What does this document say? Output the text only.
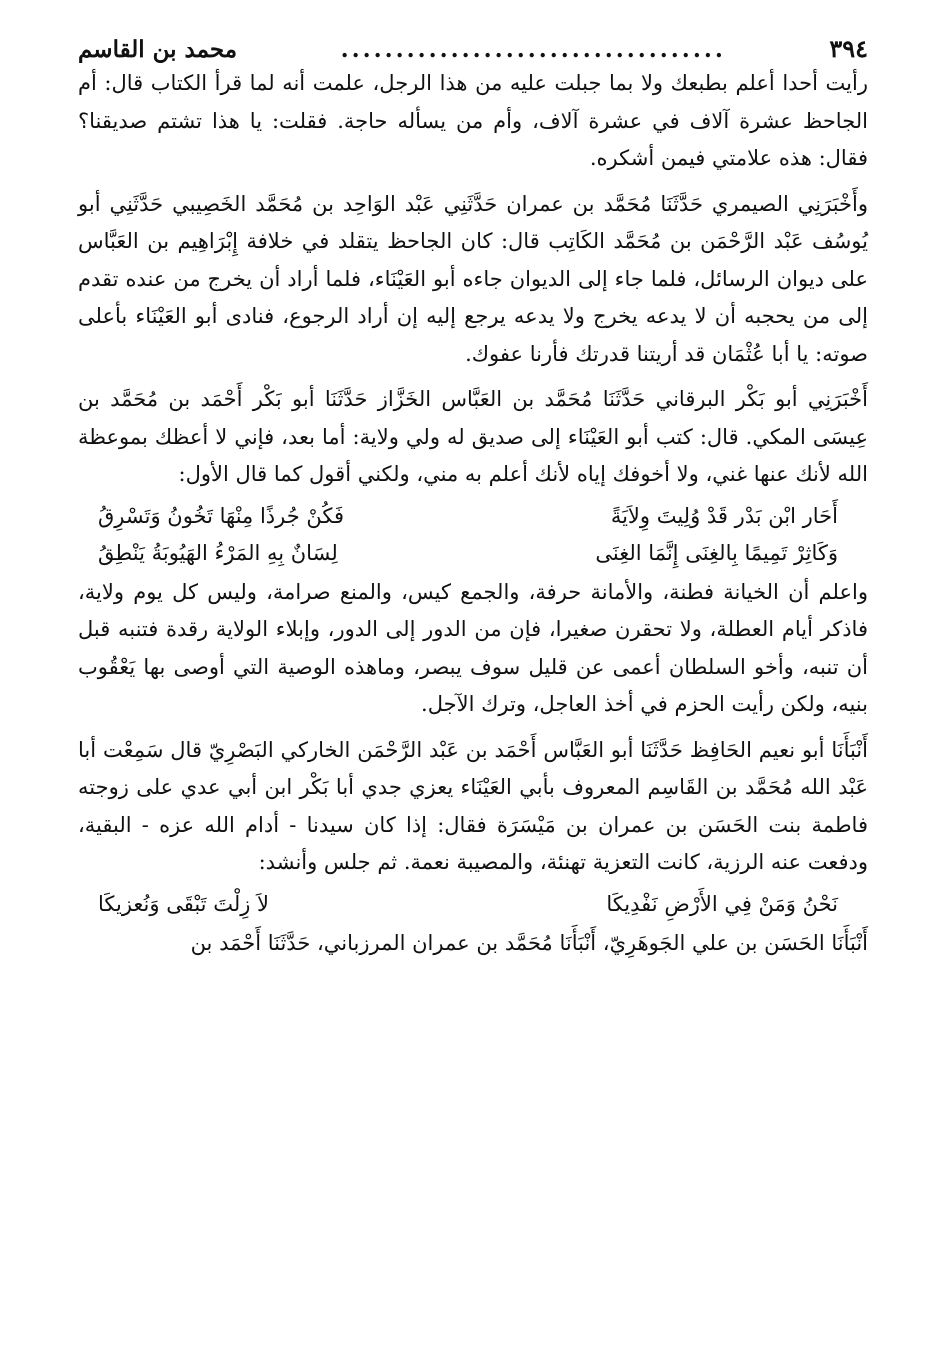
٣٩٤
...................................
محمد بن القاسم

رأيت أحدا أعلم بطبعك ولا بما جبلت عليه من هذا الرجل، علمت أنه لما قرأ الكتاب قال: أم الجاحظ عشرة آلاف في عشرة آلاف، وأم من يسأله حاجة. فقلت: يا هذا تشتم صديقنا؟ فقال: هذه علامتي فيمن أشكره.

وأَخْبَرَنِي الصيمري حَدَّثَنَا مُحَمَّد بن عمران حَدَّثَنِي عَبْد الوَاحِد بن مُحَمَّد الخَصِيبي حَدَّثَنِي أبو يُوسُف عَبْد الرَّحْمَن بن مُحَمَّد الكَاتِب قال: كان الجاحظ يتقلد في خلافة إِبْرَاهِيم بن العَبَّاس على ديوان الرسائل، فلما جاء إلى الديوان جاءه أبو العَيْنَاء، فلما أراد أن يخرج من عنده تقدم إلى من يحجبه أن لا يدعه يخرج ولا يدعه يرجع إليه إن أراد الرجوع، فنادى أبو العَيْنَاء بأعلى صوته: يا أبا عُثْمَان قد أريتنا قدرتك فأرنا عفوك.

أَخْبَرَنِي أبو بَكْر البرقاني حَدَّثَنَا مُحَمَّد بن العَبَّاس الخَزَّاز حَدَّثَنَا أبو بَكْر أَحْمَد بن مُحَمَّد بن عِيسَى المكي. قال: كتب أبو العَيْنَاء إلى صديق له ولي ولاية: أما بعد، فإني لا أعظك بموعظة الله لأنك عنها غني، ولا أخوفك إياه لأنك أعلم به مني، ولكني أقول كما قال الأول:

أَحَار ابْن بَدْر قَدْ وُلِيتَ وِلاَيَةً
فَكُنْ جُرذًا مِنْهَا تَخُونُ وَتَسْرِقُ
وَكَاثِرْ تَمِيمًا بِالغِنَى إِنَّمَا الغِنَى
لِسَانٌ بِهِ المَرْءُ الهَيُوبَةُ يَنْطِقُ

واعلم أن الخيانة فطنة، والأمانة حرفة، والجمع كيس، والمنع صرامة، وليس كل يوم ولاية، فاذكر أيام العطلة، ولا تحقرن صغيرا، فإن من الدور إلى الدور، وإبلاء الولاية رقدة فتنبه قبل أن تنبه، وأخو السلطان أعمى عن قليل سوف يبصر، وماهذه الوصية التي أوصى بها يَعْقُوب بنيه، ولكن رأيت الحزم في أخذ العاجل، وترك الآجل.

أَنْبَأَنَا أبو نعيم الحَافِظ حَدَّثَنَا أبو العَبَّاس أَحْمَد بن عَبْد الرَّحْمَن الخاركي البَصْرِيّ قال سَمِعْت أبا عَبْد الله مُحَمَّد بن القَاسِم المعروف بأبي العَيْنَاء يعزي جدي أبا بَكْر ابن أبي عدي على زوجته فاطمة بنت الحَسَن بن عمران بن مَيْسَرَة فقال: إذا كان سيدنا - أدام الله عزه - البقية، ودفعت عنه الرزية، كانت التعزية تهنئة، والمصيبة نعمة. ثم جلس وأنشد:

نَحْنُ وَمَنْ فِي الأَرْضِ نَفْدِيكَا
لاَ زِلْتَ تَبْقَى وَنُعزيكَا

أَنْبَأَنَا الحَسَن بن علي الجَوهَرِيّ، أَنْبَأَنَا مُحَمَّد بن عمران المرزباني، حَدَّثَنَا أَحْمَد بن
